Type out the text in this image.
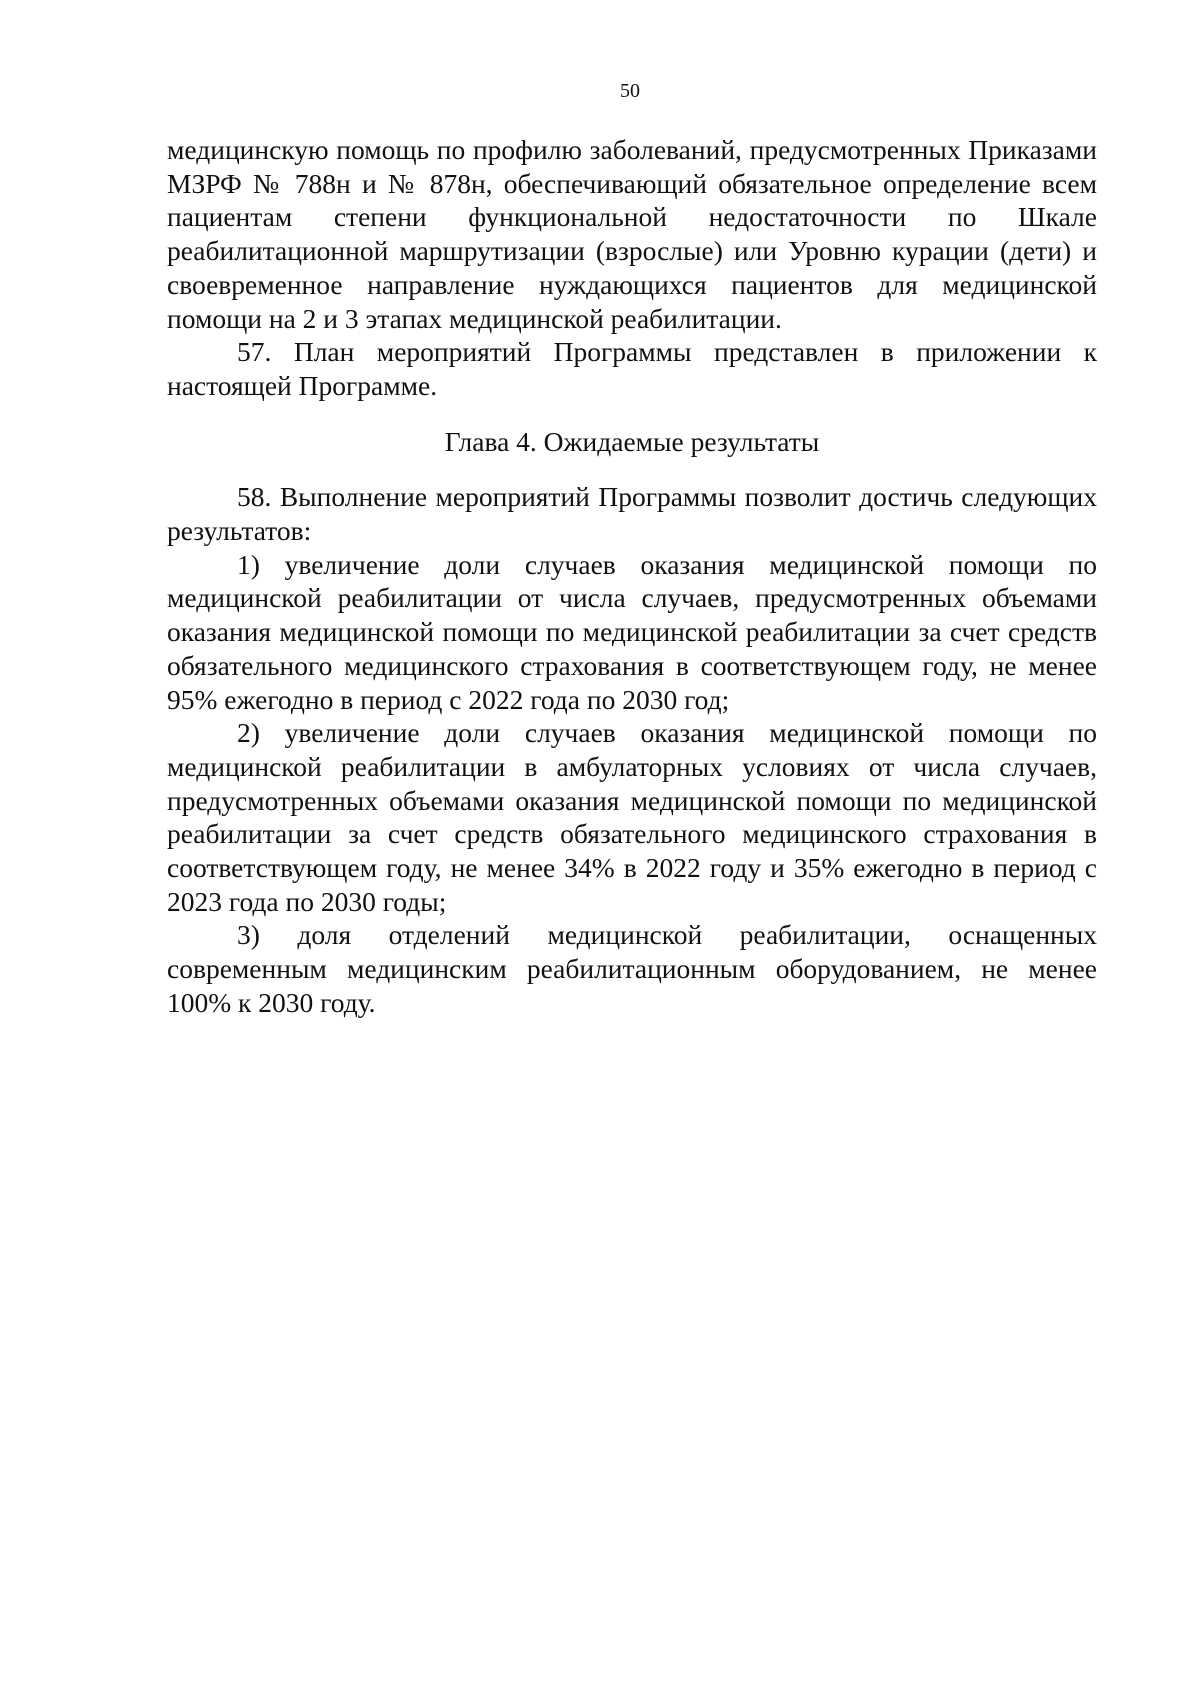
50

медицинскую помощь по профилю заболеваний, предусмотренных Приказами МЗРФ № 788н и № 878н, обеспечивающий обязательное определение всем пациентам степени функциональной недостаточности по Шкале реабилитационной маршрутизации (взрослые) или Уровню курации (дети) и своевременное направление нуждающихся пациентов для медицинской помощи на 2 и 3 этапах медицинской реабилитации.

57. План мероприятий Программы представлен в приложении к настоящей Программе.

Глава 4. Ожидаемые результаты

58. Выполнение мероприятий Программы позволит достичь следующих результатов:

1) увеличение доли случаев оказания медицинской помощи по медицинской реабилитации от числа случаев, предусмотренных объемами оказания медицинской помощи по медицинской реабилитации за счет средств обязательного медицинского страхования в соответствующем году, не менее 95% ежегодно в период с 2022 года по 2030 год;

2) увеличение доли случаев оказания медицинской помощи по медицинской реабилитации в амбулаторных условиях от числа случаев, предусмотренных объемами оказания медицинской помощи по медицинской реабилитации за счет средств обязательного медицинского страхования в соответствующем году, не менее 34% в 2022 году и 35% ежегодно в период с 2023 года по 2030 годы;

3) доля отделений медицинской реабилитации, оснащенных современным медицинским реабилитационным оборудованием, не менее 100% к 2030 году.
